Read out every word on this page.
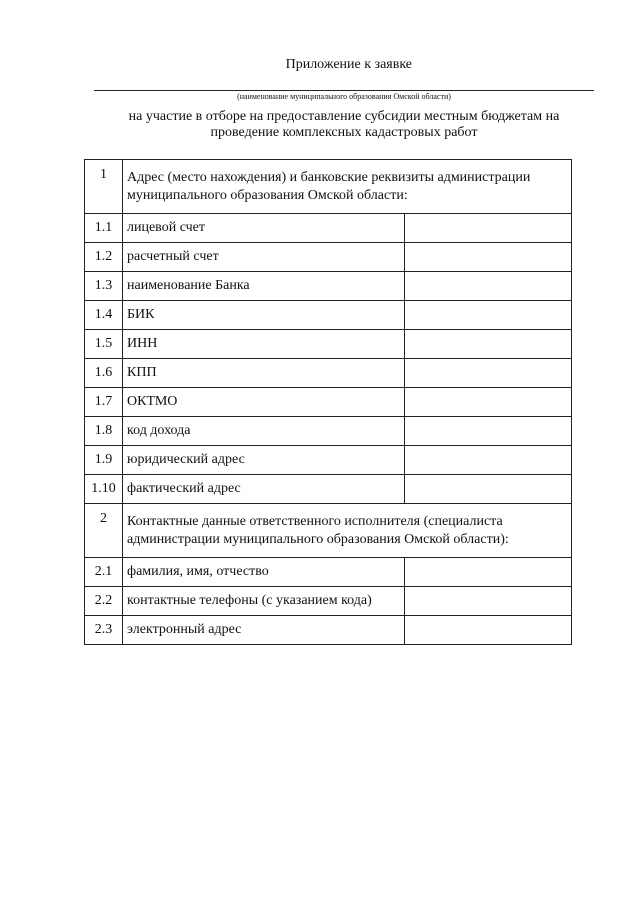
Приложение к заявке
(наименование муниципального образования Омской области)
на участие в отборе на предоставление субсидии местным бюджетам на
проведение комплексных кадастровых работ
1	Адрес (место нахождения) и банковские реквизиты администрации муниципального образования Омской области:	
1.1	лицевой счет	
1.2	расчетный счет	
1.3	наименование Банка	
1.4	БИК	
1.5	ИНН	
1.6	КПП	
1.7	ОКТМО	
1.8	код дохода	
1.9	юридический адрес	
1.10	фактический адрес	
2	Контактные данные ответственного исполнителя (специалиста администрации муниципального образования Омской области):	
2.1	фамилия, имя, отчество	
2.2	контактные телефоны (с указанием кода)	
2.3	электронный адрес	
